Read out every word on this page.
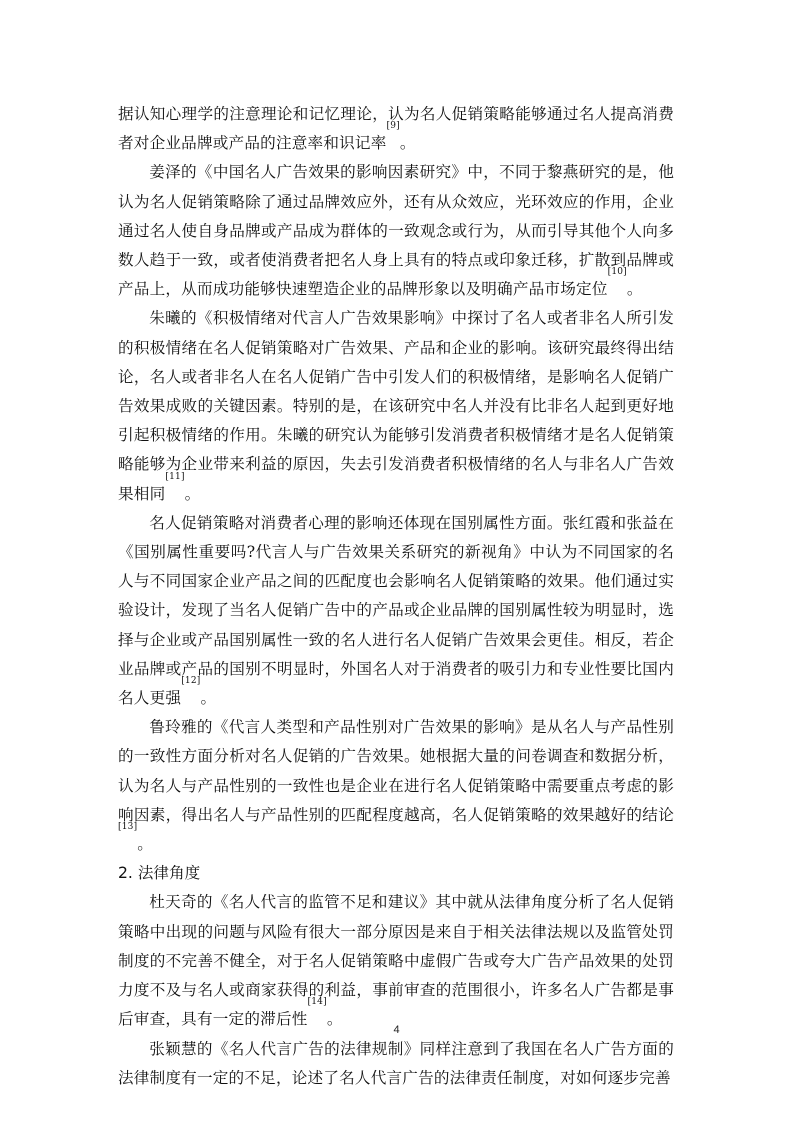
据认知心理学的注意理论和记忆理论，认为名人促销策略能够通过名人提高消费者对企业品牌或产品的注意率和识记率[9]。

姜泽的《中国名人广告效果的影响因素研究》中，不同于黎燕研究的是，他认为名人促销策略除了通过品牌效应外，还有从众效应，光环效应的作用，企业通过名人使自身品牌或产品成为群体的一致观念或行为，从而引导其他个人向多数人趋于一致，或者使消费者把名人身上具有的特点或印象迁移，扩散到品牌或产品上，从而成功能够快速塑造企业的品牌形象以及明确产品市场定位[10]。

朱曦的《积极情绪对代言人广告效果影响》中探讨了名人或者非名人所引发的积极情绪在名人促销策略对广告效果、产品和企业的影响。该研究最终得出结论，名人或者非名人在名人促销广告中引发人们的积极情绪，是影响名人促销广告效果成败的关键因素。特别的是，在该研究中名人并没有比非名人起到更好地引起积极情绪的作用。朱曦的研究认为能够引发消费者积极情绪才是名人促销策略能够为企业带来利益的原因，失去引发消费者积极情绪的名人与非名人广告效果相同[11]。

名人促销策略对消费者心理的影响还体现在国别属性方面。张红霞和张益在《国别属性重要吗?代言人与广告效果关系研究的新视角》中认为不同国家的名人与不同国家企业产品之间的匹配度也会影响名人促销策略的效果。他们通过实验设计，发现了当名人促销广告中的产品或企业品牌的国别属性较为明显时，选择与企业或产品国别属性一致的名人进行名人促销广告效果会更佳。相反，若企业品牌或产品的国别不明显时，外国名人对于消费者的吸引力和专业性要比国内名人更强[12]。

鲁玲雅的《代言人类型和产品性别对广告效果的影响》是从名人与产品性别的一致性方面分析对名人促销的广告效果。她根据大量的问卷调查和数据分析，认为名人与产品性别的一致性也是企业在进行名人促销策略中需要重点考虑的影响因素，得出名人与产品性别的匹配程度越高，名人促销策略的效果越好的结论[13]。

2. 法律角度

杜天奇的《名人代言的监管不足和建议》其中就从法律角度分析了名人促销策略中出现的问题与风险有很大一部分原因是来自于相关法律法规以及监管处罚制度的不完善不健全，对于名人促销策略中虚假广告或夸大广告产品效果的处罚力度不及与名人或商家获得的利益，事前审查的范围很小，许多名人广告都是事后审查，具有一定的滞后性[14]。

张颖慧的《名人代言广告的法律规制》同样注意到了我国在名人广告方面的法律制度有一定的不足，论述了名人代言广告的法律责任制度，对如何逐步完善

4
